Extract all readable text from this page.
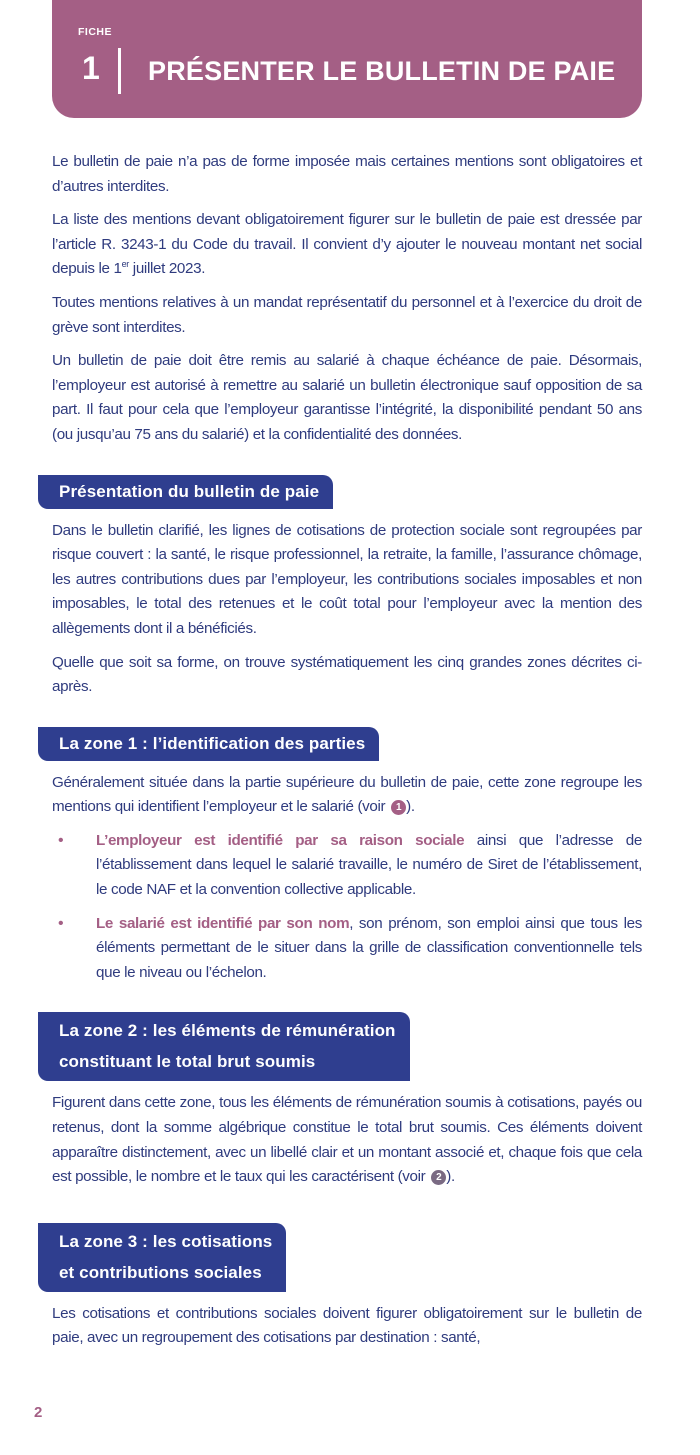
FICHE
1 PRÉSENTER LE BULLETIN DE PAIE

Le bulletin de paie n’a pas de forme imposée mais certaines mentions sont obligatoires et d’autres interdites.

La liste des mentions devant obligatoirement figurer sur le bulletin de paie est dressée par l’article R. 3243-1 du Code du travail. Il convient d’y ajouter le nouveau montant net social depuis le 1er juillet 2023.

Toutes mentions relatives à un mandat représentatif du personnel et à l’exercice du droit de grève sont interdites.

Un bulletin de paie doit être remis au salarié à chaque échéance de paie. Désormais, l’employeur est autorisé à remettre au salarié un bulletin électronique sauf opposition de sa part. Il faut pour cela que l’employeur garantisse l’intégrité, la disponibilité pendant 50 ans (ou jusqu’au 75 ans du salarié) et la confidentialité des données.

Présentation du bulletin de paie

Dans le bulletin clarifié, les lignes de cotisations de protection sociale sont regroupées par risque couvert : la santé, le risque professionnel, la retraite, la famille, l’assurance chômage, les autres contributions dues par l’employeur, les contributions sociales imposables et non imposables, le total des retenues et le coût total pour l’employeur avec la mention des allègements dont il a bénéficiés.

Quelle que soit sa forme, on trouve systématiquement les cinq grandes zones décrites ci-après.

La zone 1 : l’identification des parties

Généralement située dans la partie supérieure du bulletin de paie, cette zone regroupe les mentions qui identifient l’employeur et le salarié (voir 1 ).

• L’employeur est identifié par sa raison sociale ainsi que l’adresse de l’établissement dans lequel le salarié travaille, le numéro de Siret de l’établissement, le code NAF et la convention collective applicable.
• Le salarié est identifié par son nom, son prénom, son emploi ainsi que tous les éléments permettant de le situer dans la grille de classification conventionnelle tels que le niveau ou l’échelon.
La zone 2 : les éléments de rémunération
constituant le total brut soumis

Figurent dans cette zone, tous les éléments de rémunération soumis à cotisations, payés ou retenus, dont la somme algébrique constitue le total brut soumis. Ces éléments doivent apparaître distinctement, avec un libellé clair et un montant associé et, chaque fois que cela est possible, le nombre et le taux qui les caractérisent (voir 2 ).

La zone 3 : les cotisations
et contributions sociales

Les cotisations et contributions sociales doivent figurer obligatoirement sur le bulletin de paie, avec un regroupement des cotisations par destination : santé,

2
